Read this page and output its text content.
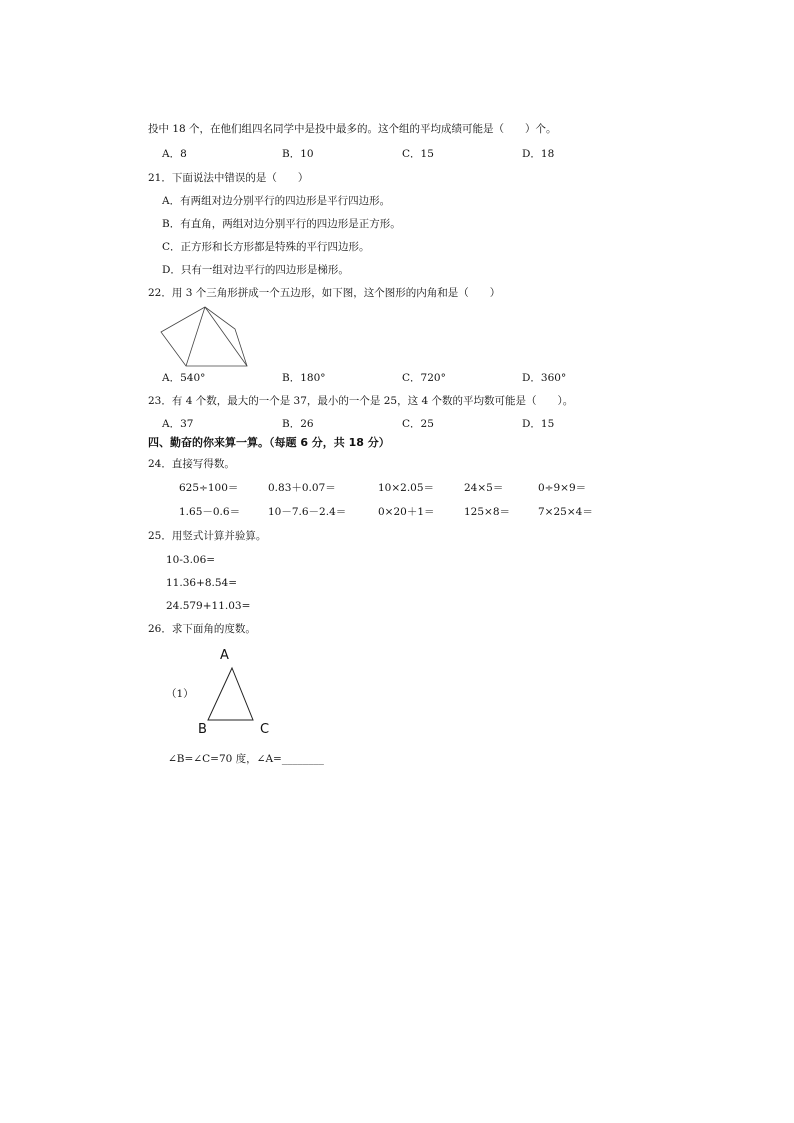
投中 18 个，在他们组四名同学中是投中最多的。这个组的平均成绩可能是（　　）个。
A．8	B．10	C．15	D．18
21．下面说法中错误的是（　　）
A．有两组对边分别平行的四边形是平行四边形。
B．有直角，两组对边分别平行的四边形是正方形。
C．正方形和长方形都是特殊的平行四边形。
D．只有一组对边平行的四边形是梯形。
22．用 3 个三角形拼成一个五边形，如下图，这个图形的内角和是（　　）
A．540°	B．180°	C．720°	D．360°
23．有 4 个数，最大的一个是 37，最小的一个是 25，这 4 个数的平均数可能是（　　）。
A．37	B．26	C．25	D．15
四、勤奋的你来算一算。（每题 6 分，共 18 分）
24．直接写得数。
625÷100＝	0.83＋0.07＝	10×2.05＝	24×5＝	0÷9×9＝
1.65－0.6＝	10－7.6－2.4＝	0×20＋1＝	125×8＝	7×25×4＝
25．用竖式计算并验算。
10-3.06=
11.36+8.54=
24.579+11.03=
26．求下面角的度数。
A
（1）
B	C
∠B=∠C=70 度，∠A=________
